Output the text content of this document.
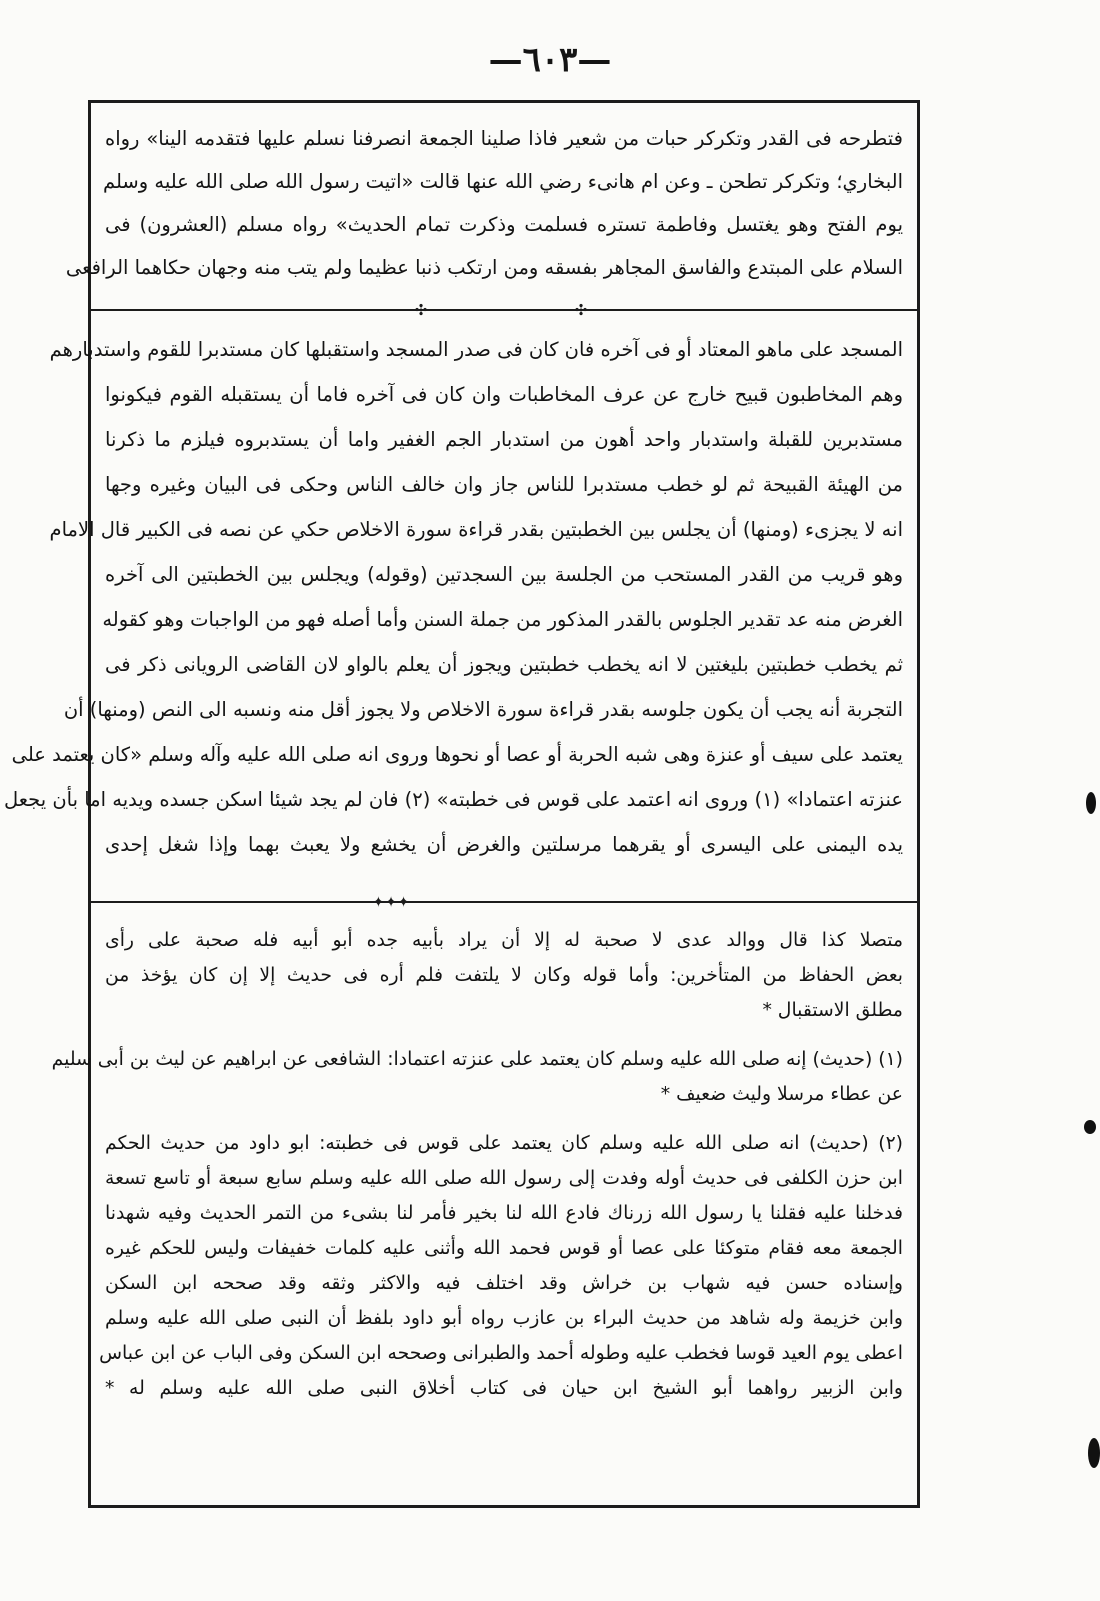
—٦٠٣—
فتطرحه فى القدر وتكركر حبات من شعير فاذا صلينا الجمعة انصرفنا نسلم عليها فتقدمه الينا» رواه
البخاري؛ وتكركر تطحن ـ وعن ام هانىء رضي الله عنها قالت «اتيت رسول الله صلى الله عليه وسلم
يوم الفتح وهو يغتسل وفاطمة تستره فسلمت وذكرت تمام الحديث» رواه مسلم (العشرون) فى
السلام على المبتدع والفاسق المجاهر بفسقه ومن ارتكب ذنبا عظيما ولم يتب منه وجهان حكاهما الرافعى
✣	✣
المسجد على ماهو المعتاد أو فى آخره فان كان فى صدر المسجد واستقبلها كان مستدبرا للقوم واستدبارهم
وهم المخاطبون قبيح خارج عن عرف المخاطبات وان كان فى آخره فاما أن يستقبله القوم فيكونوا
مستدبرين للقبلة واستدبار واحد أهون من استدبار الجم الغفير واما أن يستدبروه فيلزم ما ذكرنا
من الهيئة القبيحة ثم لو خطب مستدبرا للناس جاز وان خالف الناس وحكى فى البيان وغيره وجها
انه لا يجزىء (ومنها) أن يجلس بين الخطبتين بقدر قراءة سورة الاخلاص حكي عن نصه فى الكبير قال الامام
وهو قريب من القدر المستحب من الجلسة بين السجدتين (وقوله) ويجلس بين الخطبتين الى آخره
الغرض منه عد تقدير الجلوس بالقدر المذكور من جملة السنن وأما أصله فهو من الواجبات وهو كقوله
ثم يخطب خطبتين بليغتين لا انه يخطب خطبتين ويجوز أن يعلم بالواو لان القاضى الرويانى ذكر فى
التجربة أنه يجب أن يكون جلوسه بقدر قراءة سورة الاخلاص ولا يجوز أقل منه ونسبه الى النص (ومنها) أن
يعتمد على سيف أو عنزة وهى شبه الحربة أو عصا أو نحوها وروى انه صلى الله عليه وآله وسلم «كان يعتمد على
عنزته اعتمادا» (١) وروى انه اعتمد على قوس فى خطبته» (٢) فان لم يجد شيئا اسكن جسده ويديه اما بأن يجعل
يده اليمنى على اليسرى أو يقرهما مرسلتين والغرض أن يخشع ولا يعبث بهما وإذا شغل إحدى
✦✦✦
متصلا كذا قال ووالد عدى لا صحبة له إلا أن يراد بأبيه جده أبو أبيه فله صحبة على رأى
بعض الحفاظ من المتأخرين: وأما قوله وكان لا يلتفت فلم أره فى حديث إلا إن كان يؤخذ من
مطلق الاستقبال *
(١) (حديث) إنه صلى الله عليه وسلم كان يعتمد على عنزته اعتمادا: الشافعى عن ابراهيم عن ليث بن أبى سليم
عن عطاء مرسلا وليث ضعيف *
(٢) (حديث) انه صلى الله عليه وسلم كان يعتمد على قوس فى خطبته: ابو داود من حديث الحكم
ابن حزن الكلفى فى حديث أوله وفدت إلى رسول الله صلى الله عليه وسلم سابع سبعة أو تاسع تسعة
فدخلنا عليه فقلنا يا رسول الله زرناك فادع الله لنا بخير فأمر لنا بشىء من التمر الحديث وفيه شهدنا
الجمعة معه فقام متوكئا على عصا أو قوس فحمد الله وأثنى عليه كلمات خفيفات وليس للحكم غيره
وإسناده حسن فيه شهاب بن خراش وقد اختلف فيه والاكثر وثقه وقد صححه ابن السكن
وابن خزيمة وله شاهد من حديث البراء بن عازب رواه أبو داود بلفظ أن النبى صلى الله عليه وسلم
اعطى يوم العيد قوسا فخطب عليه وطوله أحمد والطبرانى وصححه ابن السكن وفى الباب عن ابن عباس
وابن الزبير رواهما أبو الشيخ ابن حيان فى كتاب أخلاق النبى صلى الله عليه وسلم له *
